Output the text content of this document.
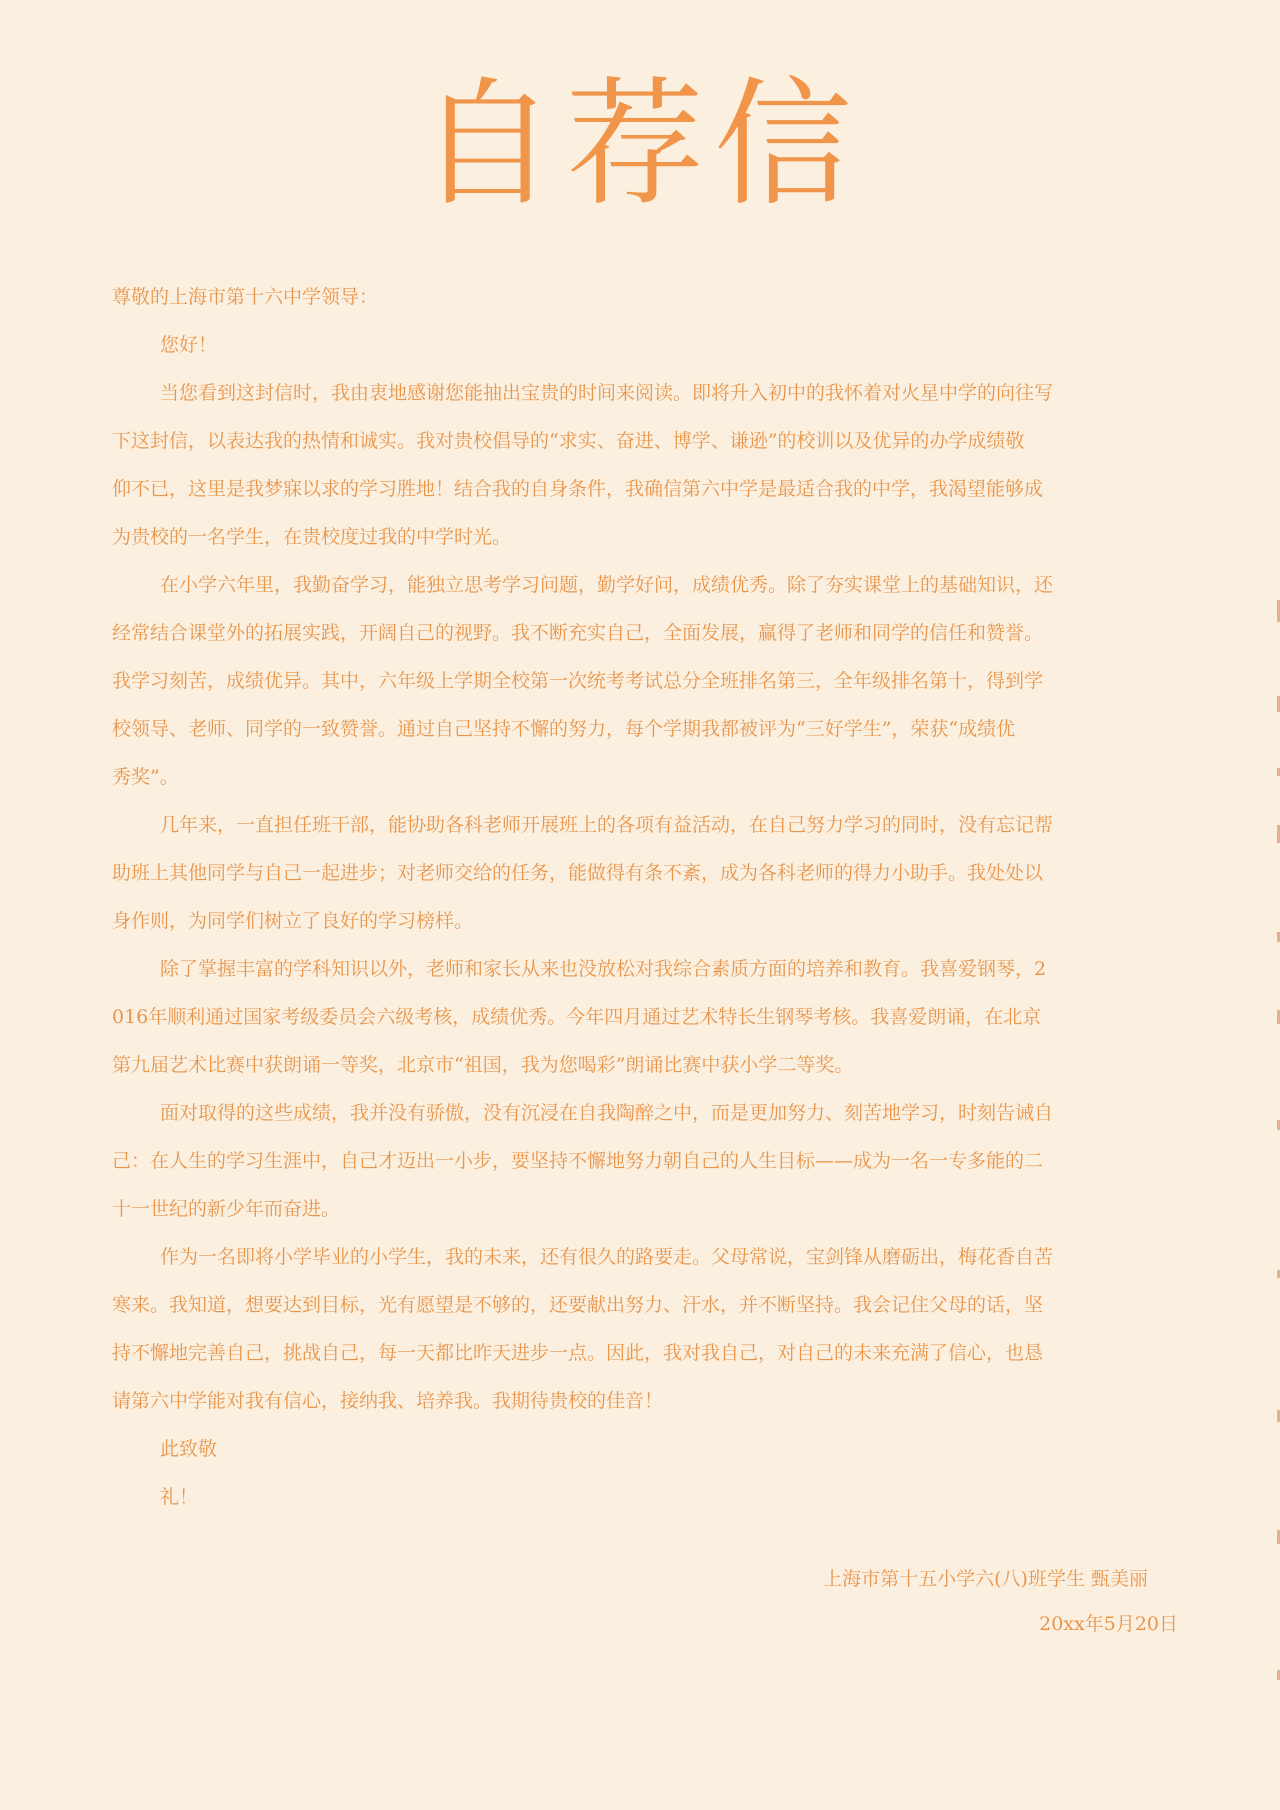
自荐信
尊敬的上海市第十六中学领导：
您好！
当您看到这封信时，我由衷地感谢您能抽出宝贵的时间来阅读。即将升入初中的我怀着对火星中学的向往写
下这封信，以表达我的热情和诚实。我对贵校倡导的“求实、奋进、博学、谦逊”的校训以及优异的办学成绩敬
仰不已，这里是我梦寐以求的学习胜地！结合我的自身条件，我确信第六中学是最适合我的中学，我渴望能够成
为贵校的一名学生，在贵校度过我的中学时光。
在小学六年里，我勤奋学习，能独立思考学习问题，勤学好问，成绩优秀。除了夯实课堂上的基础知识，还
经常结合课堂外的拓展实践，开阔自己的视野。我不断充实自己，全面发展，赢得了老师和同学的信任和赞誉。
我学习刻苦，成绩优异。其中，六年级上学期全校第一次统考考试总分全班排名第三，全年级排名第十，得到学
校领导、老师、同学的一致赞誉。通过自己坚持不懈的努力，每个学期我都被评为“三好学生”，荣获“成绩优
秀奖”。
几年来，一直担任班干部，能协助各科老师开展班上的各项有益活动，在自己努力学习的同时，没有忘记帮
助班上其他同学与自己一起进步；对老师交给的任务，能做得有条不紊，成为各科老师的得力小助手。我处处以
身作则，为同学们树立了良好的学习榜样。
除了掌握丰富的学科知识以外，老师和家长从来也没放松对我综合素质方面的培养和教育。我喜爱钢琴，2
016年顺利通过国家考级委员会六级考核，成绩优秀。今年四月通过艺术特长生钢琴考核。我喜爱朗诵，在北京
第九届艺术比赛中获朗诵一等奖，北京市“祖国，我为您喝彩”朗诵比赛中获小学二等奖。
面对取得的这些成绩，我并没有骄傲，没有沉浸在自我陶醉之中，而是更加努力、刻苦地学习，时刻告诫自
己：在人生的学习生涯中，自己才迈出一小步，要坚持不懈地努力朝自己的人生目标——成为一名一专多能的二
十一世纪的新少年而奋进。
作为一名即将小学毕业的小学生，我的未来，还有很久的路要走。父母常说，宝剑锋从磨砺出，梅花香自苦
寒来。我知道，想要达到目标，光有愿望是不够的，还要献出努力、汗水，并不断坚持。我会记住父母的话，坚
持不懈地完善自己，挑战自己，每一天都比昨天进步一点。因此，我对我自己，对自己的未来充满了信心，也恳
请第六中学能对我有信心，接纳我、培养我。我期待贵校的佳音！
此致敬
礼！
上海市第十五小学六(八)班学生 甄美丽
20xx年5月20日
